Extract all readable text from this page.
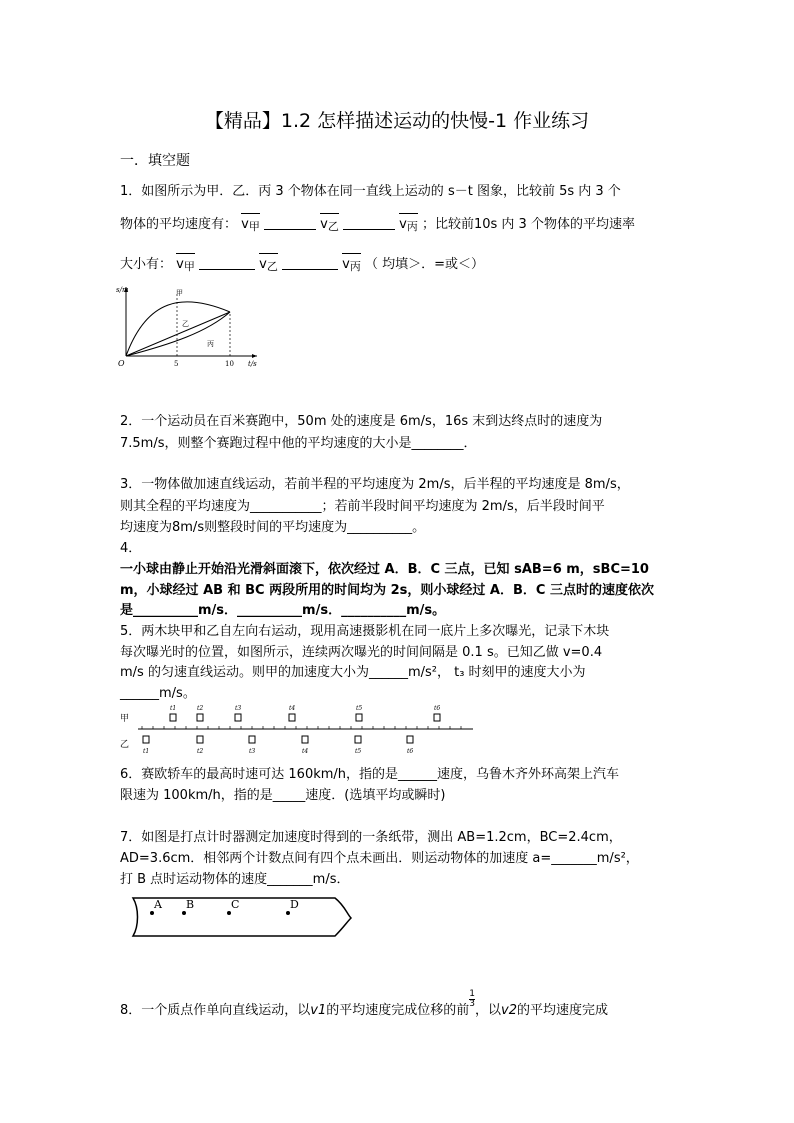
【精品】1.2 怎样描述运动的快慢-1 作业练习
一．填空题
1．如图所示为甲．乙．丙 3 个物体在同一直线上运动的 s－t 图象，比较前 5s 内 3 个
物体的平均速度有： v甲	v乙	v丙 ；比较前10s 内 3 个物体的平均速率
大小有： v甲	v乙	v丙 （ 均填＞．=或＜）
s/m
t/s
O	5	10
甲
乙
丙
2．一个运动员在百米赛跑中，50m 处的速度是 6m/s，16s 末到达终点时的速度为
7.5m/s，则整个赛跑过程中他的平均速度的大小是________．
3．一物体做加速直线运动，若前半程的平均速度为 2m/s，后半程的平均速度是 8m/s，
则其全程的平均速度为___________；若前半段时间平均速度为 2m/s，后半段时间平
均速度为8m/s则整段时间的平均速度为__________。
4．
一小球由静止开始沿光滑斜面滚下，依次经过 A．B．C 三点，已知 sAB=6 m，sBC=10
m，小球经过 AB 和 BC 两段所用的时间均为 2s，则小球经过 A．B．C 三点时的速度依次
是__________m/s．__________m/s．__________m/s。
5．两木块甲和乙自左向右运动，现用高速摄影机在同一底片上多次曝光，记录下木块
每次曝光时的位置，如图所示，连续两次曝光的时间间隔是 0.1 s。已知乙做 v=0.4
m/s 的匀速直线运动。则甲的加速度大小为______m/s²， t₃ 时刻甲的速度大小为
______m/s。
甲
乙
t1	t2	t3	t4	t5	t6
t1	t2	t3	t4	t5	t6
6．赛欧轿车的最高时速可达 160km/h，指的是______速度，乌鲁木齐外环高架上汽车
限速为 100km/h，指的是_____速度．(选填平均或瞬时)
7．如图是打点计时器测定加速度时得到的一条纸带，测出 AB=1.2cm，BC=2.4cm，
AD=3.6cm．相邻两个计数点间有四个点未画出．则运动物体的加速度 a=_______m/s²，
打 B 点时运动物体的速度_______m/s．
A B	C	D
8．一个质点作单向直线运动，以v1的平均速度完成位移的前
$\frac{1}{3}$
，以v2的平均速度完成
